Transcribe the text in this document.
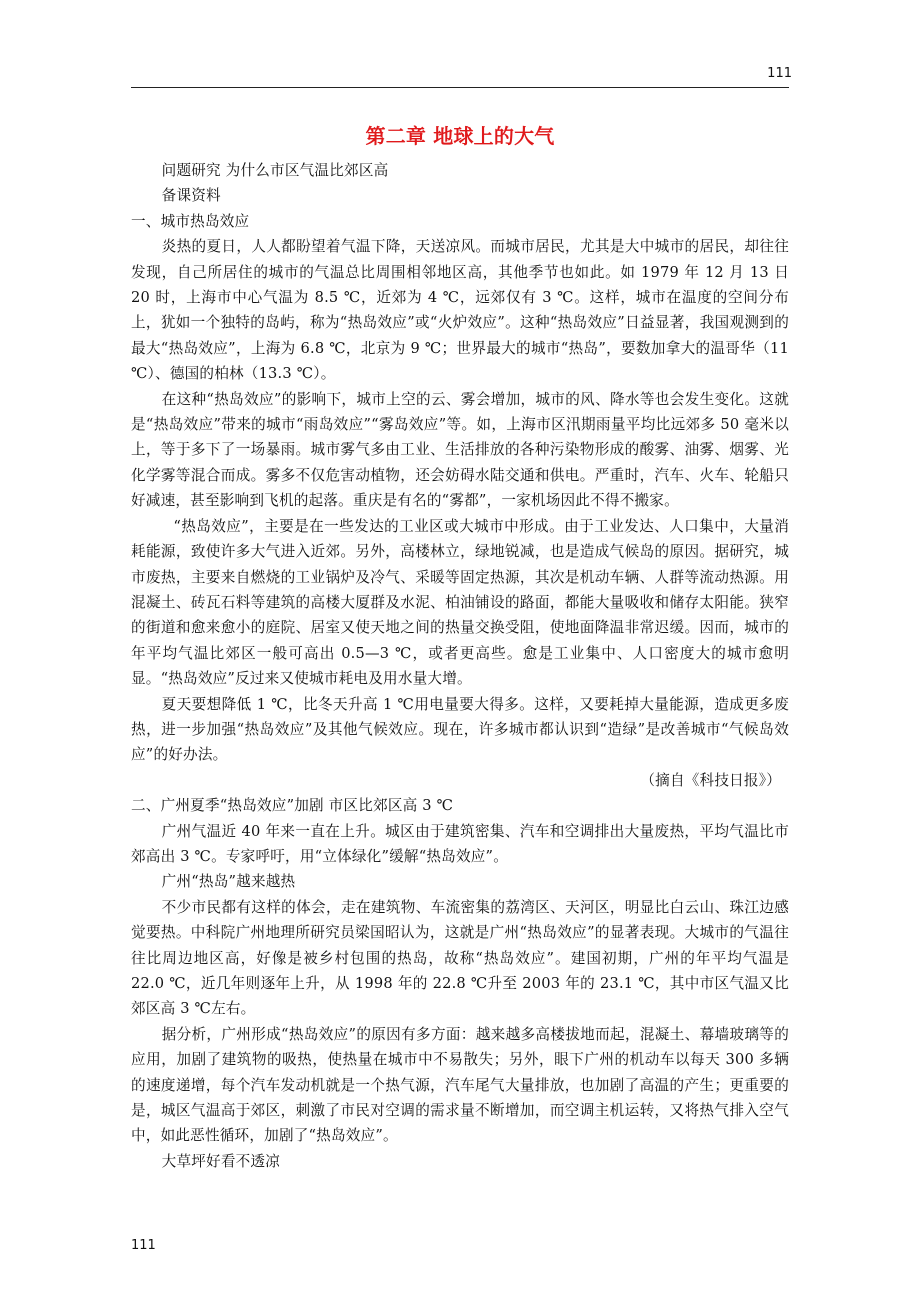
111
第二章 地球上的大气

问题研究 为什么市区气温比郊区高

备课资料

一、城市热岛效应

炎热的夏日，人人都盼望着气温下降，天送凉风。而城市居民，尤其是大中城市的居民，却往往发现，自己所居住的城市的气温总比周围相邻地区高，其他季节也如此。如 1979 年 12 月 13 日 20 时，上海市中心气温为 8.5 ℃，近郊为 4 ℃，远郊仅有 3 ℃。这样，城市在温度的空间分布上，犹如一个独特的岛屿，称为“热岛效应”或“火炉效应”。这种“热岛效应”日益显著，我国观测到的最大“热岛效应”，上海为 6.8 ℃，北京为 9 ℃；世界最大的城市“热岛”，要数加拿大的温哥华（11 ℃）、德国的柏林（13.3 ℃）。

在这种“热岛效应”的影响下，城市上空的云、雾会增加，城市的风、降水等也会发生变化。这就是“热岛效应”带来的城市“雨岛效应”“雾岛效应”等。如，上海市区汛期雨量平均比远郊多 50 毫米以上，等于多下了一场暴雨。城市雾气多由工业、生活排放的各种污染物形成的酸雾、油雾、烟雾、光化学雾等混合而成。雾多不仅危害动植物，还会妨碍水陆交通和供电。严重时，汽车、火车、轮船只好减速，甚至影响到飞机的起落。重庆是有名的“雾都”，一家机场因此不得不搬家。

“热岛效应”，主要是在一些发达的工业区或大城市中形成。由于工业发达、人口集中，大量消耗能源，致使许多大气进入近郊。另外，高楼林立，绿地锐减，也是造成气候岛的原因。据研究，城市废热，主要来自燃烧的工业锅炉及冷气、采暖等固定热源，其次是机动车辆、人群等流动热源。用混凝土、砖瓦石料等建筑的高楼大厦群及水泥、柏油铺设的路面，都能大量吸收和储存太阳能。狭窄的街道和愈来愈小的庭院、居室又使天地之间的热量交换受阻，使地面降温非常迟缓。因而，城市的年平均气温比郊区一般可高出 0.5—3 ℃，或者更高些。愈是工业集中、人口密度大的城市愈明显。“热岛效应”反过来又使城市耗电及用水量大增。

夏天要想降低 1 ℃，比冬天升高 1 ℃用电量要大得多。这样，又要耗掉大量能源，造成更多废热，进一步加强“热岛效应”及其他气候效应。现在，许多城市都认识到“造绿”是改善城市“气候岛效应”的好办法。

（摘自《科技日报》）

二、广州夏季“热岛效应”加剧 市区比郊区高 3 ℃

广州气温近 40 年来一直在上升。城区由于建筑密集、汽车和空调排出大量废热，平均气温比市郊高出 3 ℃。专家呼吁，用“立体绿化”缓解“热岛效应”。

广州“热岛”越来越热

不少市民都有这样的体会，走在建筑物、车流密集的荔湾区、天河区，明显比白云山、珠江边感觉要热。中科院广州地理所研究员梁国昭认为，这就是广州“热岛效应”的显著表现。大城市的气温往往比周边地区高，好像是被乡村包围的热岛，故称“热岛效应”。建国初期，广州的年平均气温是 22.0 ℃，近几年则逐年上升，从 1998 年的 22.8 ℃升至 2003 年的 23.1 ℃，其中市区气温又比郊区高 3 ℃左右。

据分析，广州形成“热岛效应”的原因有多方面：越来越多高楼拔地而起，混凝土、幕墙玻璃等的应用，加剧了建筑物的吸热，使热量在城市中不易散失；另外，眼下广州的机动车以每天 300 多辆的速度递增，每个汽车发动机就是一个热气源，汽车尾气大量排放，也加剧了高温的产生；更重要的是，城区气温高于郊区，刺激了市民对空调的需求量不断增加，而空调主机运转，又将热气排入空气中，如此恶性循环，加剧了“热岛效应”。

大草坪好看不透凉

111
